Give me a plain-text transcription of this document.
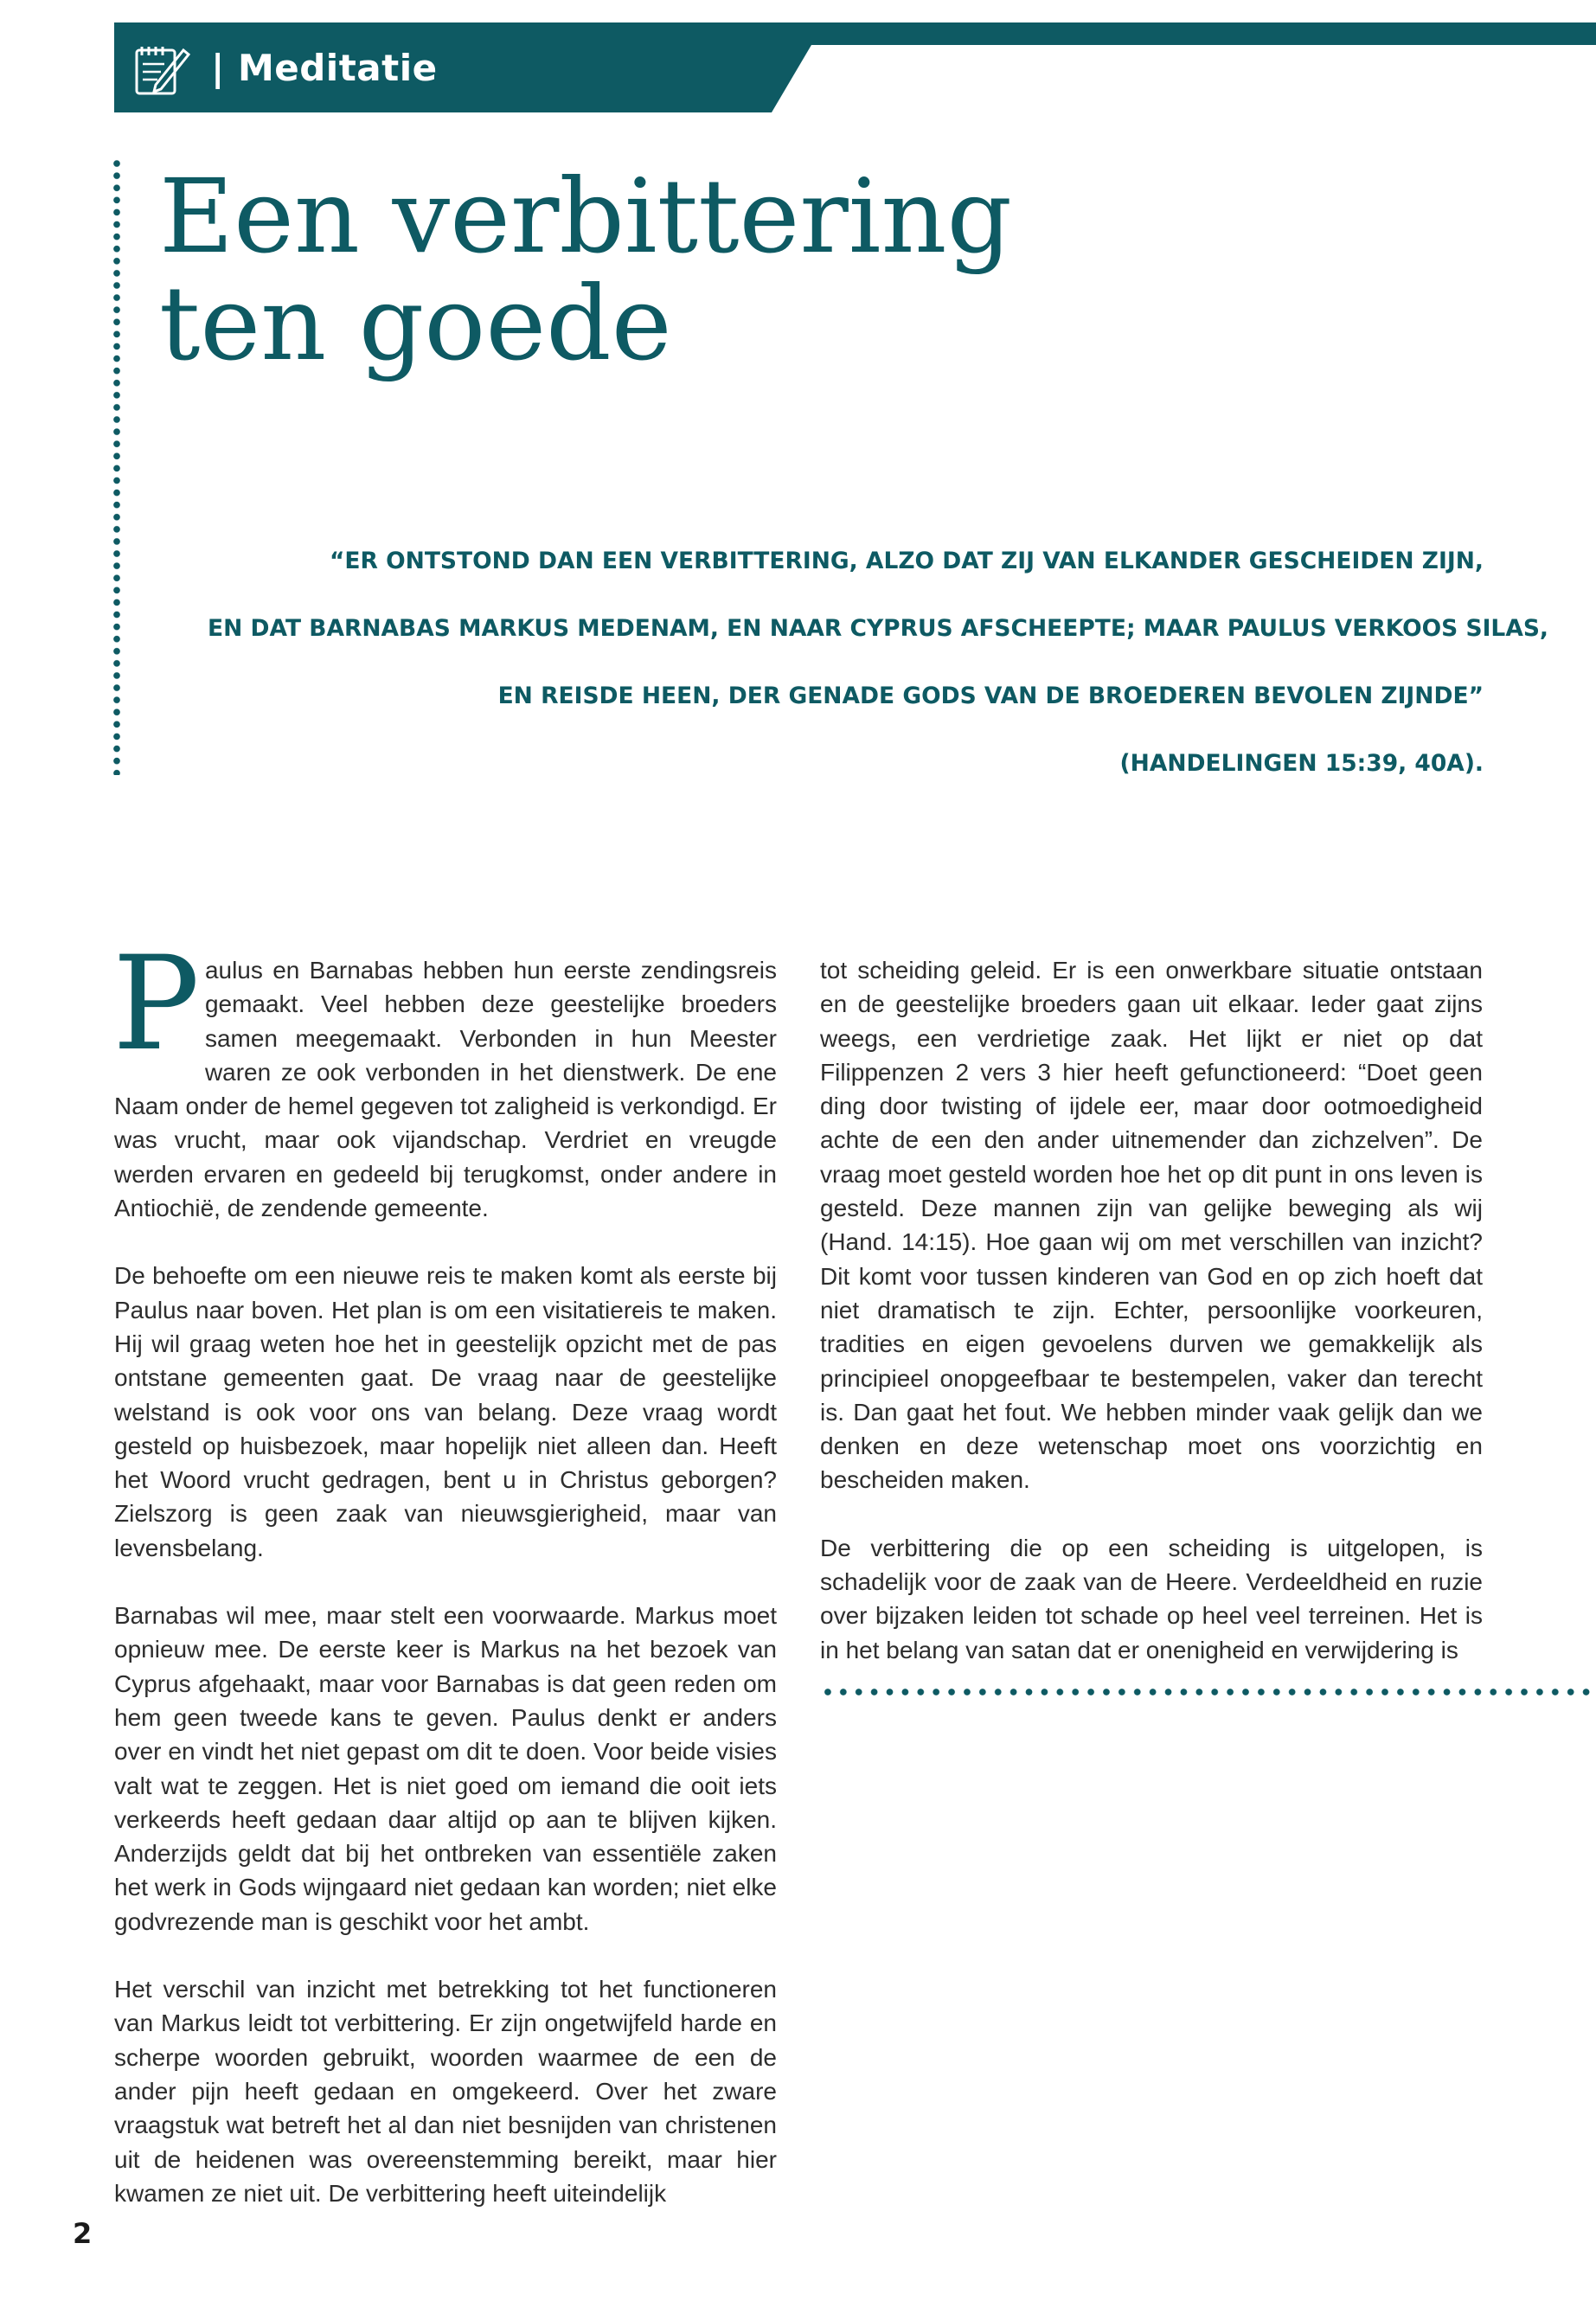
| Meditatie
Een verbittering
ten goede
“ER ONTSTOND DAN EEN VERBITTERING, ALZO DAT ZIJ VAN ELKANDER GESCHEIDEN ZIJN,
EN DAT BARNABAS MARKUS MEDENAM, EN NAAR CYPRUS AFSCHEEPTE; MAAR PAULUS VERKOOS SILAS,
EN REISDE HEEN, DER GENADE GODS VAN DE BROEDEREN BEVOLEN ZIJNDE”
(HANDELINGEN 15:39, 40A).

Paulus en Barnabas hebben hun eerste zendingsreis gemaakt. Veel hebben deze geestelijke broeders samen meegemaakt. Verbonden in hun Meester waren ze ook verbonden in het dienstwerk. De ene Naam onder de hemel gegeven tot zaligheid is verkondigd. Er was vrucht, maar ook vijandschap. Verdriet en vreugde werden ervaren en gedeeld bij terugkomst, onder andere in Antiochië, de zendende gemeente.

De behoefte om een nieuwe reis te maken komt als eerste bij Paulus naar boven. Het plan is om een visitatiereis te maken. Hij wil graag weten hoe het in geestelijk opzicht met de pas ontstane gemeenten gaat. De vraag naar de geestelijke welstand is ook voor ons van belang. Deze vraag wordt gesteld op huisbezoek, maar hopelijk niet alleen dan. Heeft het Woord vrucht gedragen, bent u in Christus geborgen? Zielszorg is geen zaak van nieuwsgierigheid, maar van levensbelang.

Barnabas wil mee, maar stelt een voorwaarde. Markus moet opnieuw mee. De eerste keer is Markus na het bezoek van Cyprus afgehaakt, maar voor Barnabas is dat geen reden om hem geen tweede kans te geven. Paulus denkt er anders over en vindt het niet gepast om dit te doen. Voor beide visies valt wat te zeggen. Het is niet goed om iemand die ooit iets verkeerds heeft gedaan daar altijd op aan te blijven kijken. Anderzijds geldt dat bij het ontbreken van essentiële zaken het werk in Gods wijngaard niet gedaan kan worden; niet elke godvrezende man is geschikt voor het ambt.

Het verschil van inzicht met betrekking tot het functioneren van Markus leidt tot verbittering. Er zijn ongetwijfeld harde en scherpe woorden gebruikt, woorden waarmee de een de ander pijn heeft gedaan en omgekeerd. Over het zware vraagstuk wat betreft het al dan niet besnijden van christenen uit de heidenen was overeenstemming bereikt, maar hier kwamen ze niet uit. De verbittering heeft uiteindelijk

tot scheiding geleid. Er is een onwerkbare situatie ontstaan en de geestelijke broeders gaan uit elkaar. Ieder gaat zijns weegs, een verdrietige zaak. Het lijkt er niet op dat Filippenzen 2 vers 3 hier heeft gefunctioneerd: “Doet geen ding door twisting of ijdele eer, maar door ootmoedigheid achte de een den ander uitnemender dan zichzelven”. De vraag moet gesteld worden hoe het op dit punt in ons leven is gesteld. Deze mannen zijn van gelijke beweging als wij (Hand. 14:15). Hoe gaan wij om met verschillen van inzicht? Dit komt voor tussen kinderen van God en op zich hoeft dat niet dramatisch te zijn. Echter, persoonlijke voorkeuren, tradities en eigen gevoelens durven we gemakkelijk als principieel onopgeefbaar te bestempelen, vaker dan terecht is. Dan gaat het fout. We hebben minder vaak gelijk dan we denken en deze wetenschap moet ons voorzichtig en bescheiden maken.

De verbittering die op een scheiding is uitgelopen, is schadelijk voor de zaak van de Heere. Verdeeldheid en ruzie over bijzaken leiden tot schade op heel veel terreinen. Het is in het belang van satan dat er onenigheid en verwijdering is

2
